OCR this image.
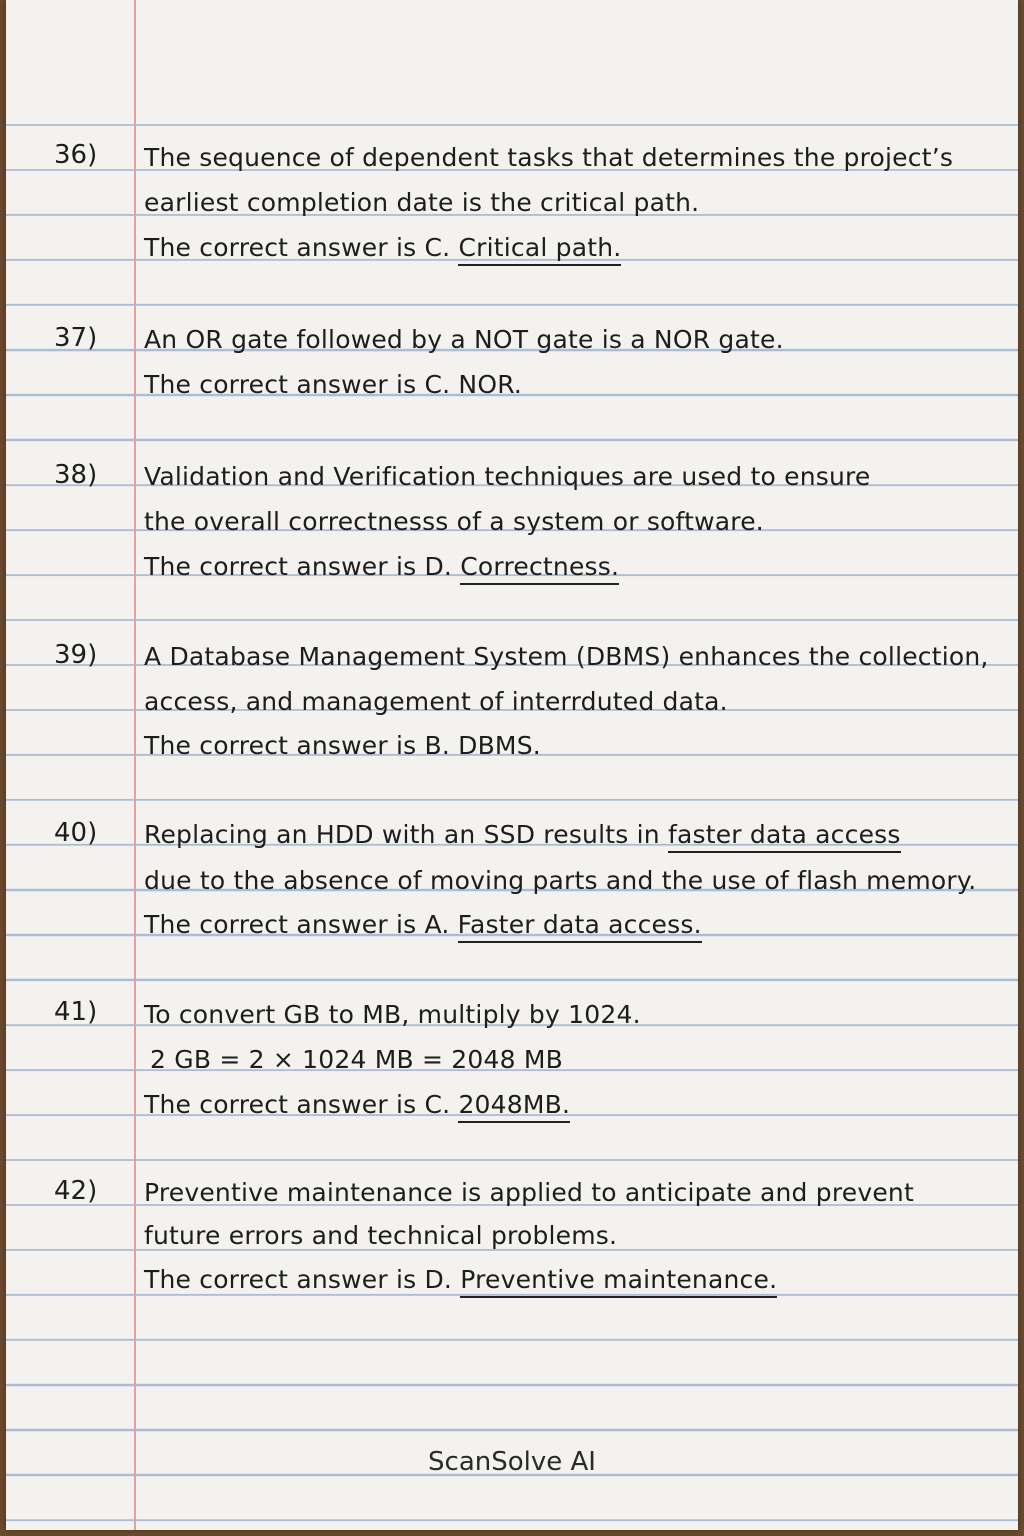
36) The sequence of dependent tasks that determines the project’s
earliest completion date is the critical path.
The correct answer is C. Critical path.
37) An OR gate followed by a NOT gate is a NOR gate.
The correct answer is C. NOR.
38) Validation and Verification techniques are used to ensure
the overall correctnesss of a system or software.
The correct answer is D. Correctness.
39) A Database Management System (DBMS) enhances the collection,
access, and management of interrduted data.
The correct answer is B. DBMS.
40) Replacing an HDD with an SSD results in faster data access
due to the absence of moving parts and the use of flash memory.
The correct answer is A. Faster data access.
41) To convert GB to MB, multiply by 1024.
2 GB = 2 × 1024 MB = 2048 MB
The correct answer is C. 2048MB.
42) Preventive maintenance is applied to anticipate and prevent
future errors and technical problems.
The correct answer is D. Preventive maintenance.
ScanSolve AI
